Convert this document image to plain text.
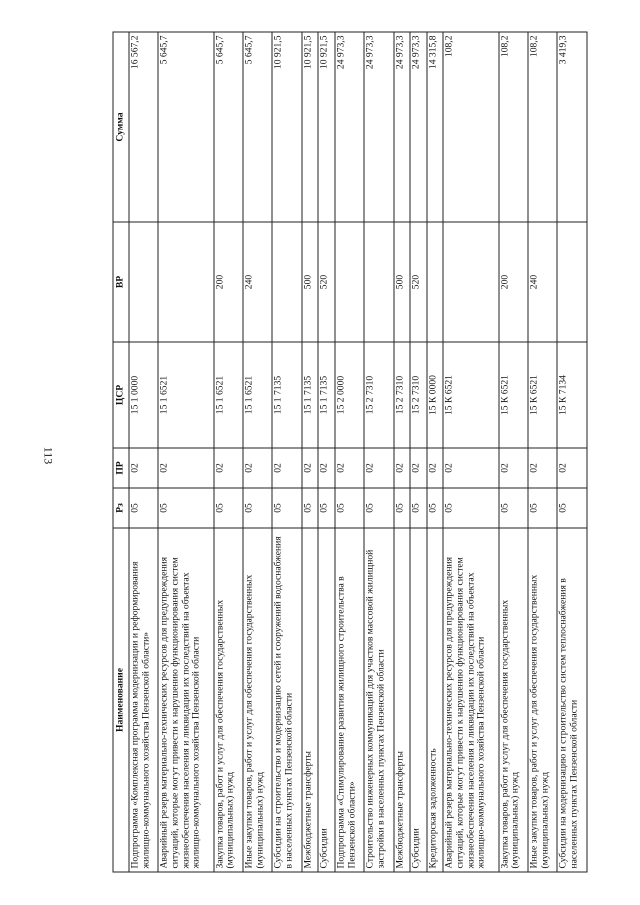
113
Наименование	Рз	ПР	ЦСР	ВР	Сумма
Подпрограмма «Комплексная программа модернизации и реформирования жилищно-коммунального хозяйства Пензенской области»	05	02	15 1 0000		16 567,2
Аварийный резерв материально-технических ресурсов для предупреждения ситуаций, которые могут привести к нарушению функционирования систем жизнеобеспечения населения и ликвидации их последствий на объектах жилищно-коммунального хозяйства Пензенской области	05	02	15 1 6521		5 645,7
Закупка товаров, работ и услуг для обеспечения государственных (муниципальных) нужд	05	02	15 1 6521	200	5 645,7
Иные закупки товаров, работ и услуг для обеспечения государственных (муниципальных) нужд	05	02	15 1 6521	240	5 645,7
Субсидии на строительство и модернизацию сетей и сооружений водоснабжения в населенных пунктах Пензенской области	05	02	15 1 7135		10 921,5
Межбюджетные трансферты	05	02	15 1 7135	500	10 921,5
Субсидии	05	02	15 1 7135	520	10 921,5
Подпрограмма «Стимулирование развития жилищного строительства в Пензенской области»	05	02	15 2 0000		24 973,3
Строительство инженерных коммуникаций для участков массовой жилищной застройки в населенных пунктах Пензенской области	05	02	15 2 7310		24 973,3
Межбюджетные трансферты	05	02	15 2 7310	500	24 973,3
Субсидии	05	02	15 2 7310	520	24 973,3
Кредиторская задолженность	05	02	15 К 0000		14 315,8
Аварийный резерв материально-технических ресурсов для предупреждения ситуаций, которые могут привести к нарушению функционирования систем жизнеобеспечения населения и ликвидации их последствий на объектах жилищно-коммунального хозяйства Пензенской области	05	02	15 К 6521		108,2
Закупка товаров, работ и услуг для обеспечения государственных (муниципальных) нужд	05	02	15 К 6521	200	108,2
Иные закупки товаров, работ и услуг для обеспечения государственных (муниципальных) нужд	05	02	15 К 6521	240	108,2
Субсидии на модернизацию и строительство систем теплоснабжения в населенных пунктах Пензенской области	05	02	15 К 7134		3 419,3
